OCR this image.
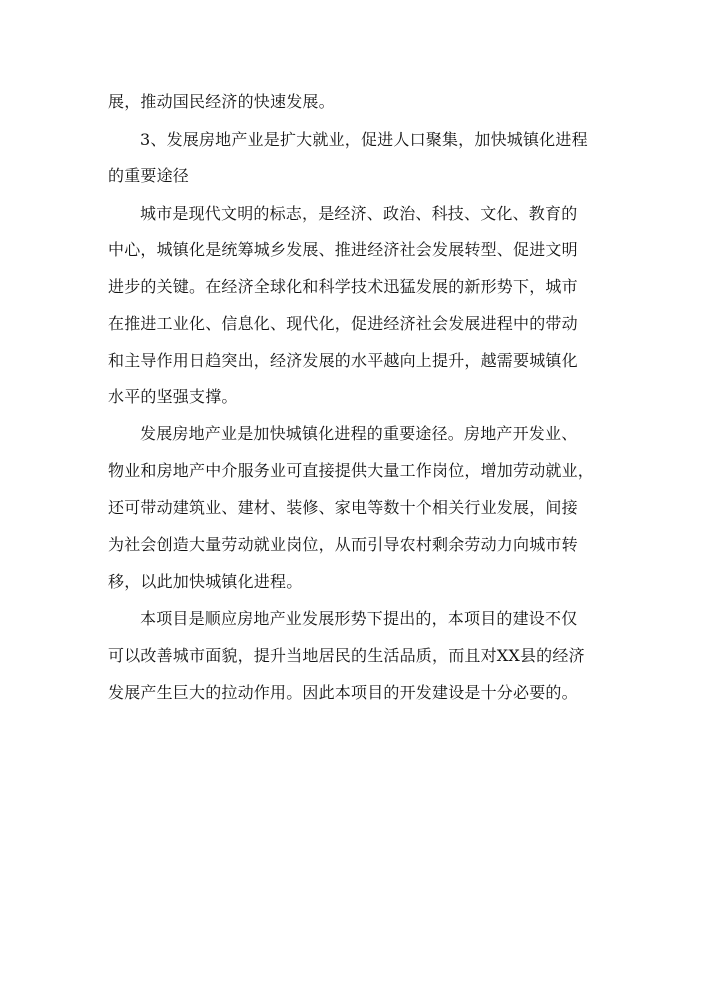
展，推动国民经济的快速发展。
3、发展房地产业是扩大就业，促进人口聚集，加快城镇化进程
的重要途径
城市是现代文明的标志，是经济、政治、科技、文化、教育的
中心，城镇化是统筹城乡发展、推进经济社会发展转型、促进文明
进步的关键。在经济全球化和科学技术迅猛发展的新形势下，城市
在推进工业化、信息化、现代化，促进经济社会发展进程中的带动
和主导作用日趋突出，经济发展的水平越向上提升，越需要城镇化
水平的坚强支撑。
发展房地产业是加快城镇化进程的重要途径。房地产开发业、
物业和房地产中介服务业可直接提供大量工作岗位，增加劳动就业，
还可带动建筑业、建材、装修、家电等数十个相关行业发展，间接
为社会创造大量劳动就业岗位，从而引导农村剩余劳动力向城市转
移，以此加快城镇化进程。
本项目是顺应房地产业发展形势下提出的，本项目的建设不仅
可以改善城市面貌，提升当地居民的生活品质，而且对XX县的经济
发展产生巨大的拉动作用。因此本项目的开发建设是十分必要的。
